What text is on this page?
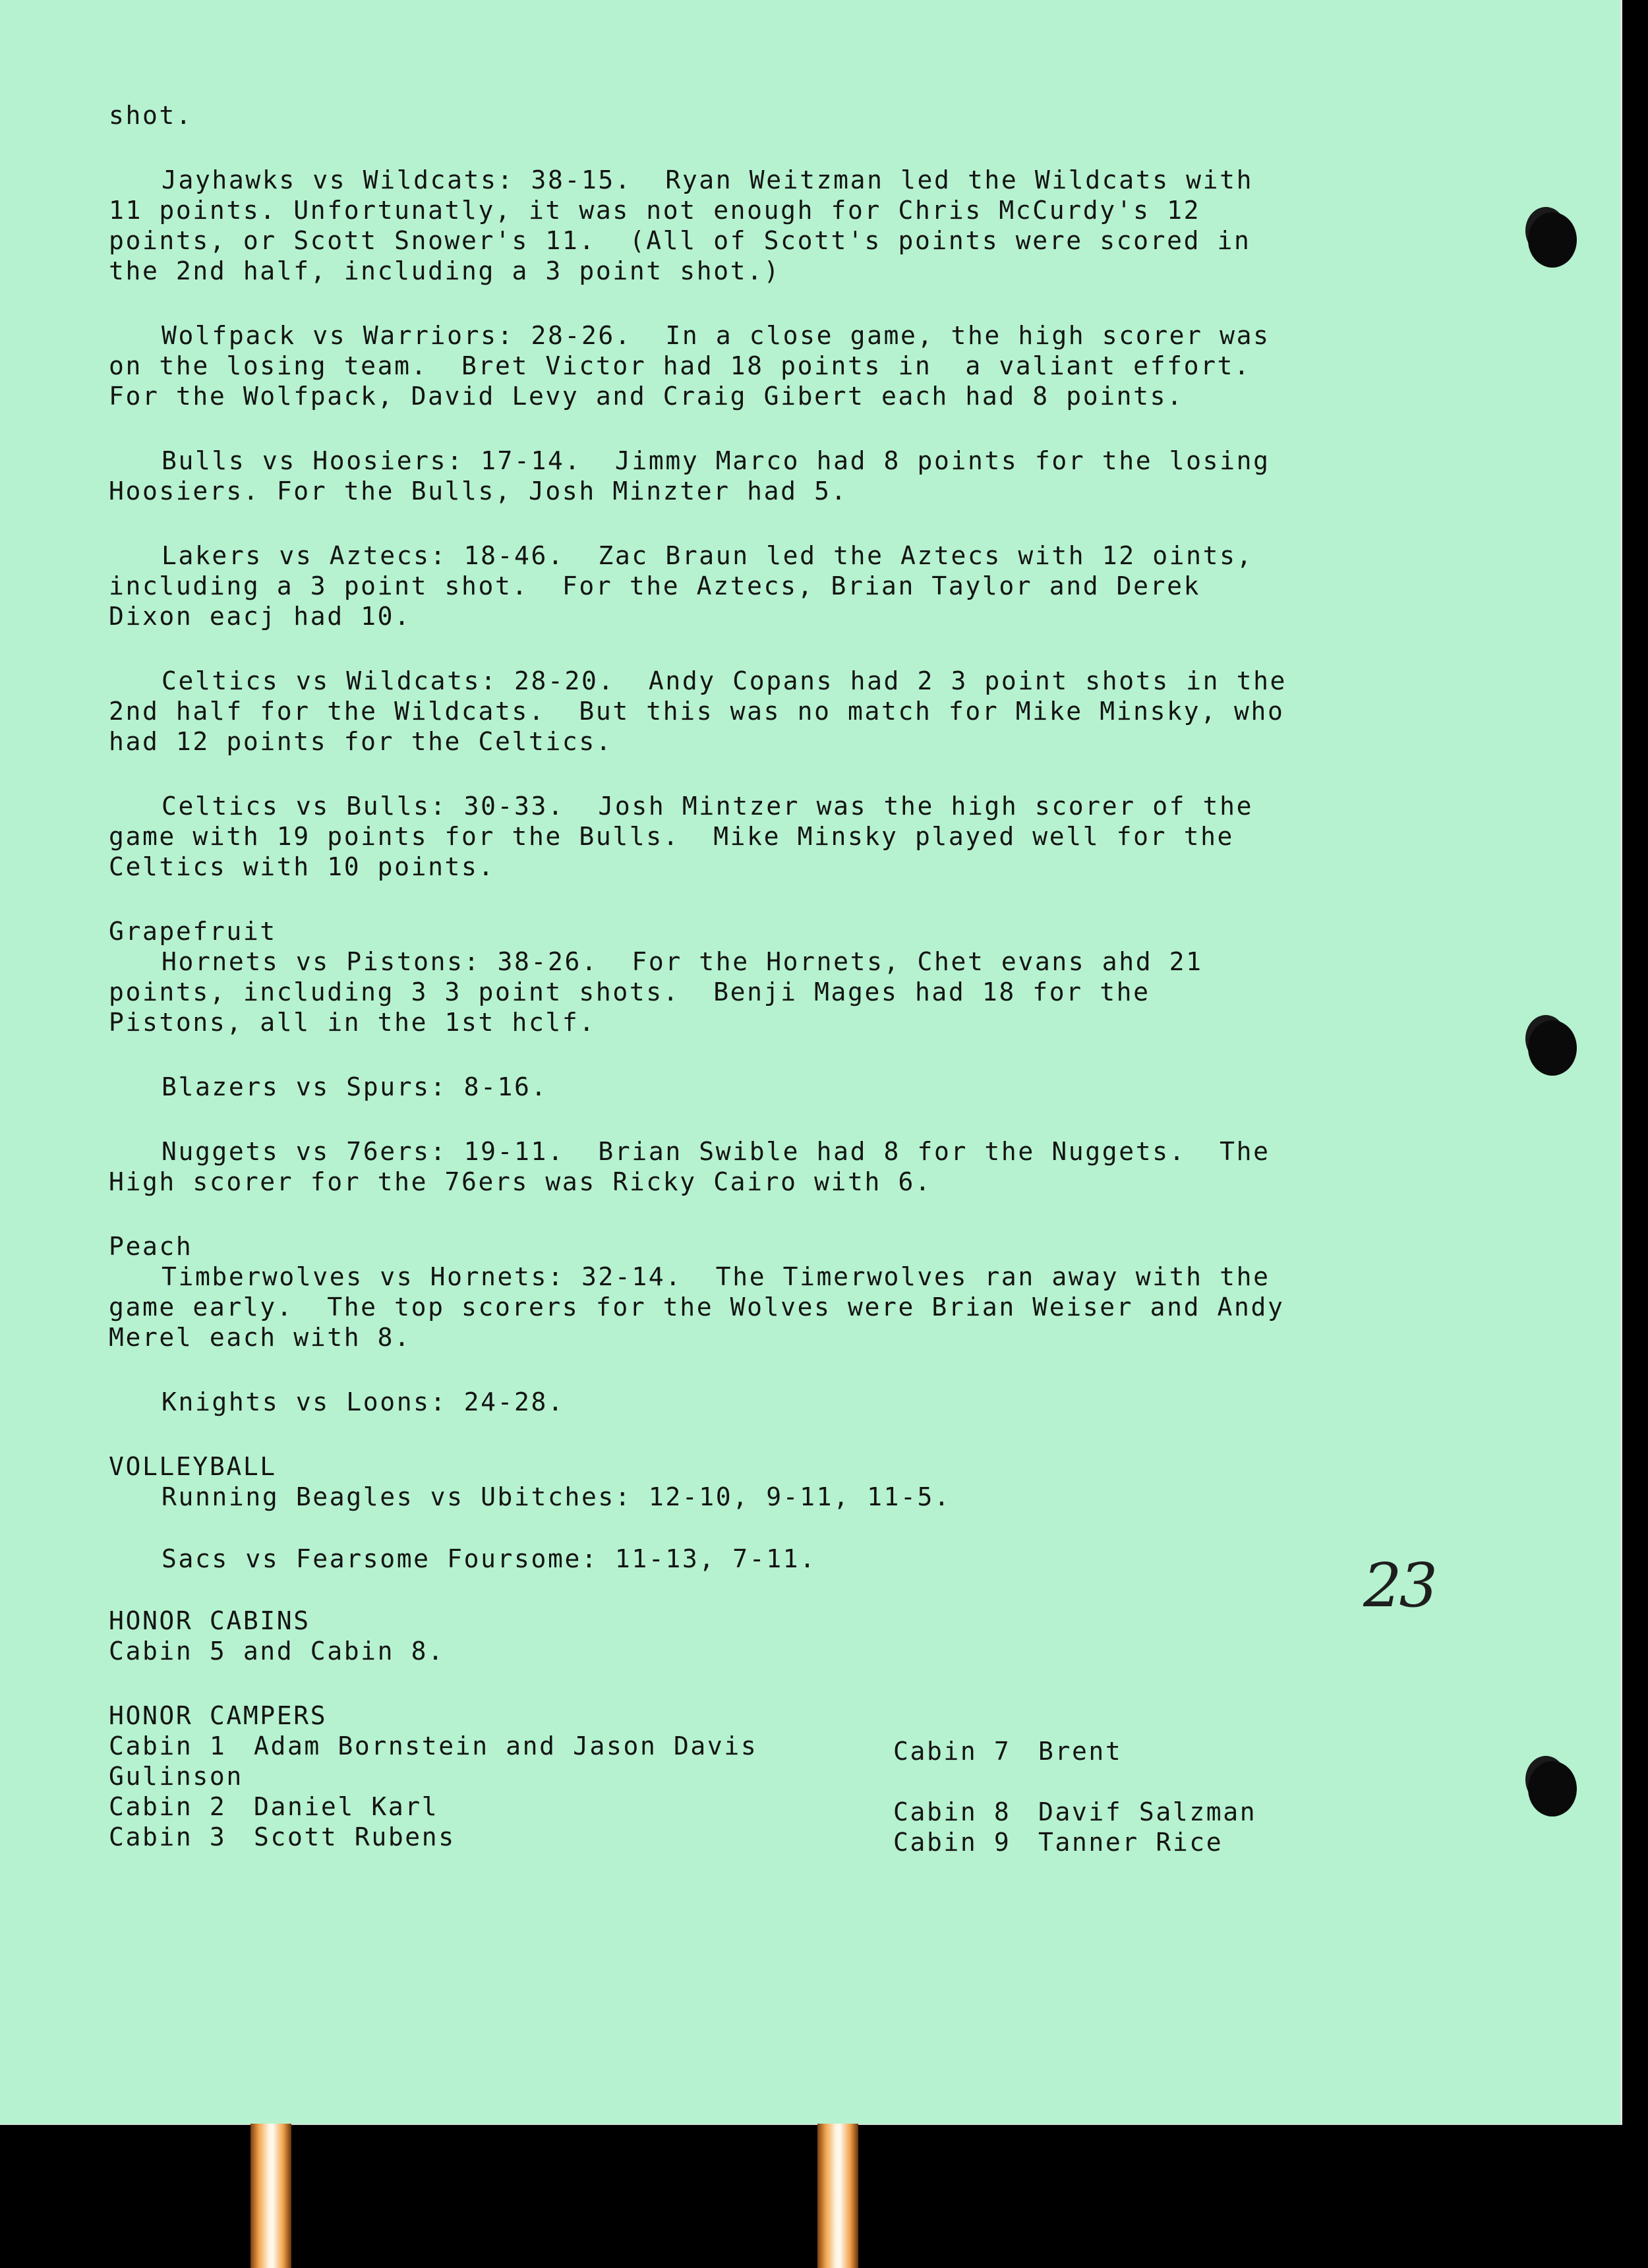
shot.

Jayhawks vs Wildcats: 38-15.  Ryan Weitzman led the Wildcats with
11 points. Unfortunatly, it was not enough for Chris McCurdy's 12
points, or Scott Snower's 11.  (All of Scott's points were scored in
the 2nd half, including a 3 point shot.)

Wolfpack vs Warriors: 28-26.  In a close game, the high scorer was
on the losing team.  Bret Victor had 18 points in  a valiant effort.
For the Wolfpack, David Levy and Craig Gibert each had 8 points.

Bulls vs Hoosiers: 17-14.  Jimmy Marco had 8 points for the losing
Hoosiers. For the Bulls, Josh Minzter had 5.

Lakers vs Aztecs: 18-46.  Zac Braun led the Aztecs with 12 oints,
including a 3 point shot.  For the Aztecs, Brian Taylor and Derek
Dixon eacj had 10.

Celtics vs Wildcats: 28-20.  Andy Copans had 2 3 point shots in the
2nd half for the Wildcats.  But this was no match for Mike Minsky, who
had 12 points for the Celtics.

Celtics vs Bulls: 30-33.  Josh Mintzer was the high scorer of the
game with 19 points for the Bulls.  Mike Minsky played well for the
Celtics with 10 points.

Grapefruit

Hornets vs Pistons: 38-26.  For the Hornets, Chet evans ahd 21
points, including 3 3 point shots.  Benji Mages had 18 for the
Pistons, all in the 1st hclf.

Blazers vs Spurs: 8-16.

Nuggets vs 76ers: 19-11.  Brian Swible had 8 for the Nuggets.  The
High scorer for the 76ers was Ricky Cairo with 6.

Peach

Timberwolves vs Hornets: 32-14.  The Timerwolves ran away with the
game early.  The top scorers for the Wolves were Brian Weiser and Andy
Merel each with 8.

Knights vs Loons: 24-28.

VOLLEYBALL

Running Beagles vs Ubitches: 12-10, 9-11, 11-5.

Sacs vs Fearsome Foursome: 11-13, 7-11.

HONOR CABINS

Cabin 5 and Cabin 8.

HONOR CAMPERS
Cabin 1	Adam Bornstein and Jason Davis
Gulinson
Cabin 2	Daniel Karl
Cabin 3	Scott Rubens
Cabin 7	Brent
Cabin 8	Davif Salzman
Cabin 9	Tanner Rice
23
